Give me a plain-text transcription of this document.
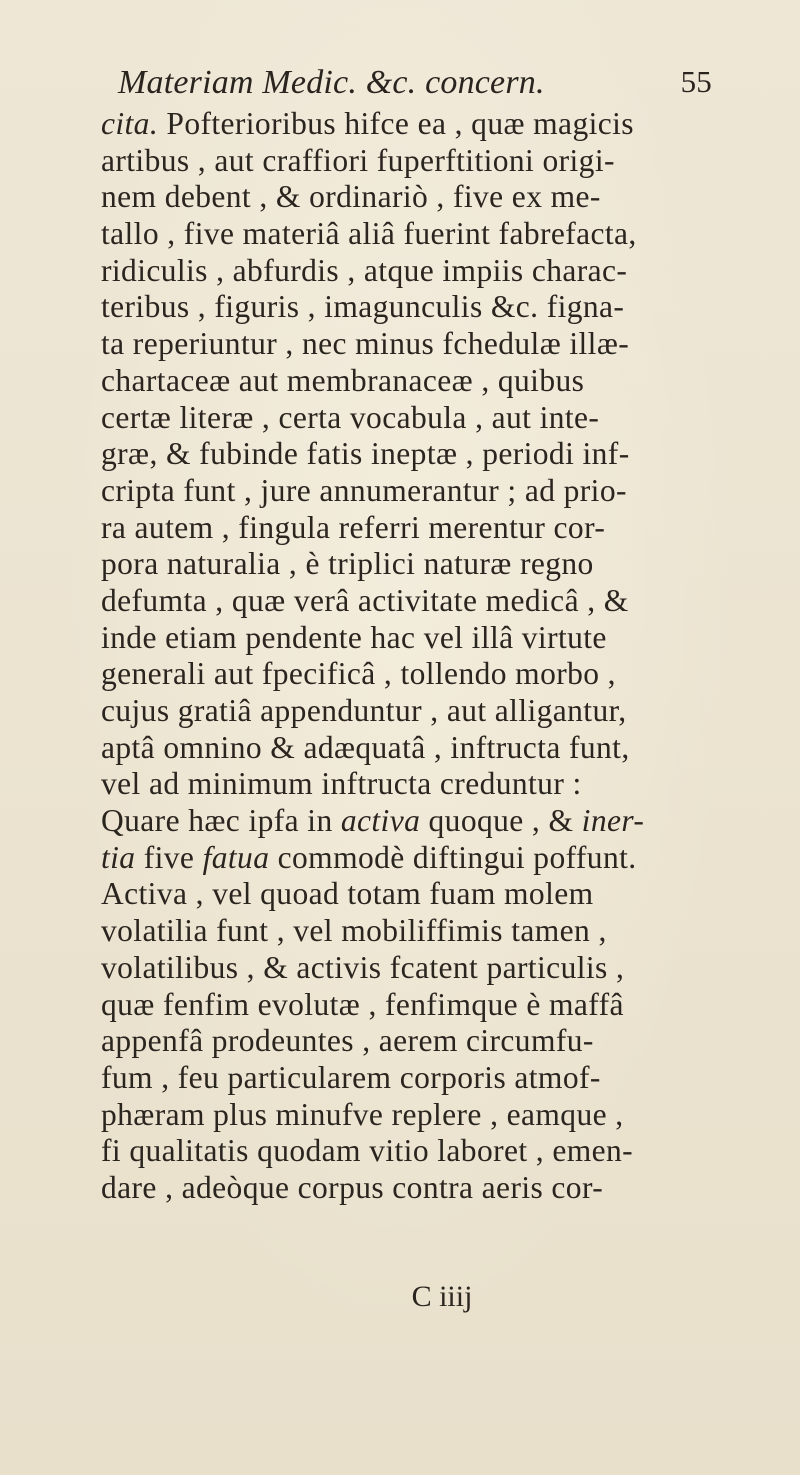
Materiam Medic. &c. concern.	55
cita. Pofterioribus hifce ea , quæ magicis
artibus , aut craffiori fuperftitioni origi-
nem debent , & ordinariò , five ex me-
tallo , five materiâ aliâ fuerint fabrefacta,
ridiculis , abfurdis , atque impiis charac-
teribus , figuris , imagunculis &c. figna-
ta reperiuntur , nec minus fchedulæ illæ-
chartaceæ aut membranaceæ , quibus
certæ literæ , certa vocabula , aut inte-
græ, & fubinde fatis ineptæ , periodi inf-
cripta funt , jure annumerantur ; ad prio-
ra autem , fingula referri merentur cor-
pora naturalia , è triplici naturæ regno
defumta , quæ verâ activitate medicâ , &
inde etiam pendente hac vel illâ virtute
generali aut fpecificâ , tollendo morbo ,
cujus gratiâ appenduntur , aut alligantur,
aptâ omnino & adæquatâ , inftructa funt,
vel ad minimum inftructa creduntur :
Quare hæc ipfa in activa quoque , & iner-
tia five fatua commodè diftingui poffunt.
Activa , vel quoad totam fuam molem
volatilia funt , vel mobiliffimis tamen ,
volatilibus , & activis fcatent particulis ,
quæ fenfim evolutæ , fenfimque è maffâ
appenfâ prodeuntes , aerem circumfu-
fum , feu particularem corporis atmof-
phæram plus minufve replere , eamque ,
fi qualitatis quodam vitio laboret , emen-
dare , adeòque corpus contra aeris cor-
C iiij
